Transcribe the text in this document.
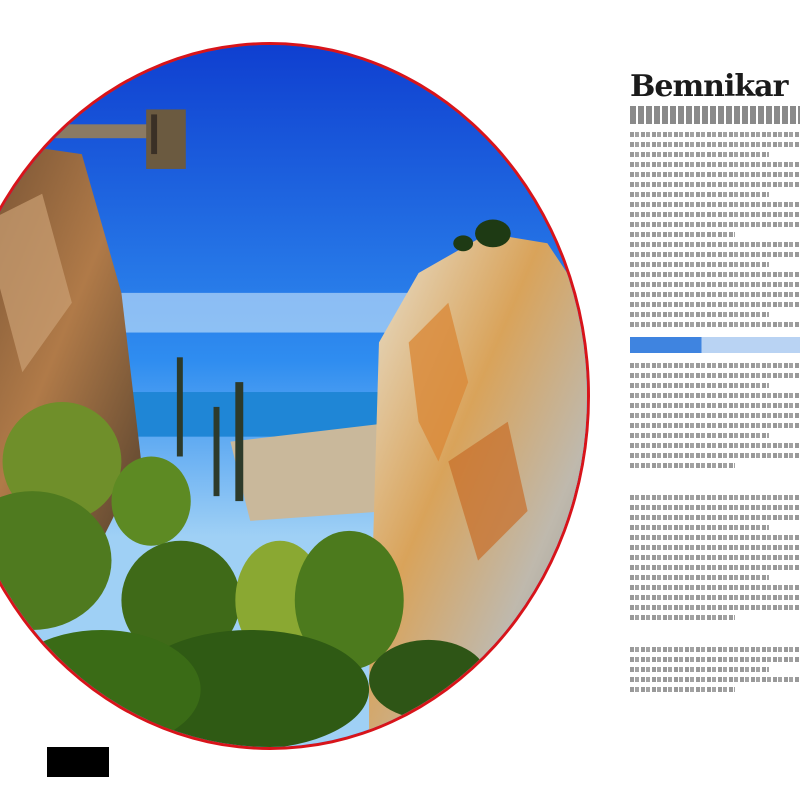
Bemnikar
